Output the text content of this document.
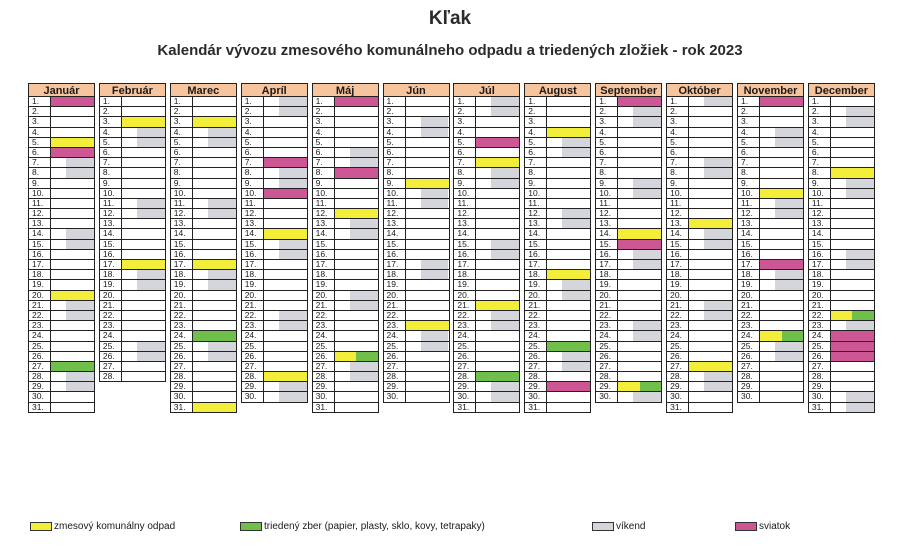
Kľak
Kalendár vývozu zmesového komunálneho odpadu a triedených zložiek - rok 2023
Január
1.
2.
3.
4.
5.
6.
7.
8.
9.
10.
11.
12.
13.
14.
15.
16.
17.
18.
19.
20.
21.
22.
23.
24.
25.
26.
27.
28.
29.
30.
31.
Február
1.
2.
3.
4.
5.
6.
7.
8.
9.
10.
11.
12.
13.
14.
15.
16.
17.
18.
19.
20.
21.
22.
23.
24.
25.
26.
27.
28.
Marec
1.
2.
3.
4.
5.
6.
7.
8.
9.
10.
11.
12.
13.
14.
15.
16.
17.
18.
19.
20.
21.
22.
23.
24.
25.
26.
27.
28.
29.
30.
31.
Apríl
1.
2.
3.
4.
5.
6.
7.
8.
9.
10.
11.
12.
13.
14.
15.
16.
17.
18.
19.
20.
21.
22.
23.
24.
25.
26.
27.
28.
29.
30.
Máj
1.
2.
3.
4.
5.
6.
7.
8.
9.
10.
11.
12.
13.
14.
15.
16.
17.
18.
19.
20.
21.
22.
23.
24.
25.
26.
27.
28.
29.
30.
31.
Jún
1.
2.
3.
4.
5.
6.
7.
8.
9.
10.
11.
12.
13.
14.
15.
16.
17.
18.
19.
20.
21.
22.
23.
24.
25.
26.
27.
28.
29.
30.
Júl
1.
2.
3.
4.
5.
6.
7.
8.
9.
10.
11.
12.
13.
14.
15.
16.
17.
18.
19.
20.
21.
22.
23.
24.
25.
26.
27.
28.
29.
30.
31.
August
1.
2.
3.
4.
5.
6.
7.
8.
9.
10.
11.
12.
13.
14.
15.
16.
17.
18.
19.
20.
21.
22.
23.
24.
25.
26.
27.
28.
29.
30.
31.
September
1.
2.
3.
4.
5.
6.
7.
8.
9.
10.
11.
12.
13.
14.
15.
16.
17.
18.
19.
20.
21.
22.
23.
24.
25.
26.
27.
28.
29.
30.
Október
1.
2.
3.
4.
5.
6.
7.
8.
9.
10.
11.
12.
13.
14.
15.
16.
17.
18.
19.
20.
21.
22.
23.
24.
25.
26.
27.
28.
29.
30.
31.
November
1.
2.
3.
4.
5.
6.
7.
8.
9.
10.
11.
12.
13.
14.
15.
16.
17.
18.
19.
20.
21.
22.
23.
24.
25.
26.
27.
28.
29.
30.
December
1.
2.
3.
4.
5.
6.
7.
8.
9.
10.
11.
12.
13.
14.
15.
16.
17.
18.
19.
20.
21.
22.
23.
24.
25.
26.
27.
28.
29.
30.
31.
zmesový komunálny odpad	triedený zber (papier, plasty, sklo, kovy, tetrapaky)	víkend	sviatok
